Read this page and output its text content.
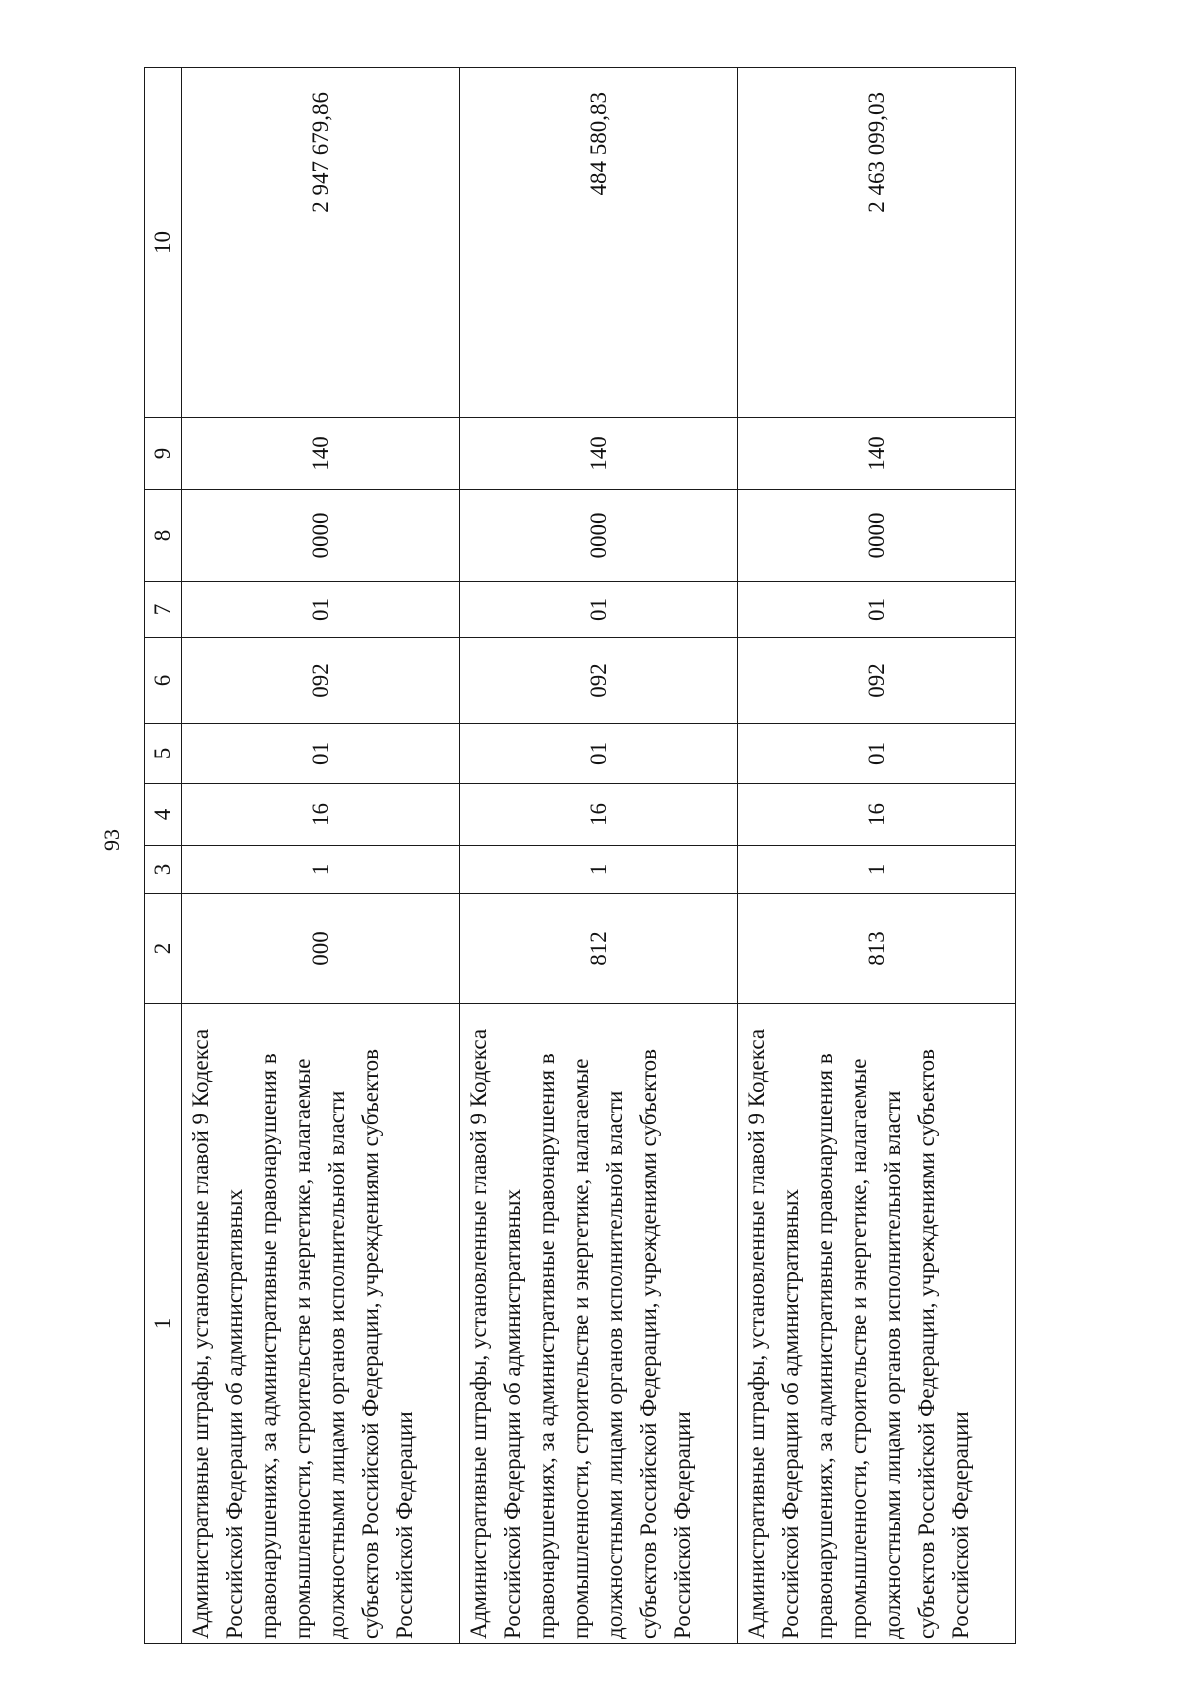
93
1	2	3	4	5	6	7	8	9	10
Административные штрафы, установленные главой 9 Кодекса Российской Федерации об административных правонарушениях, за административные правонарушения в промышленности, строительстве и энергетике, налагаемые должностными лицами органов исполнительной власти субъектов Российской Федерации, учреждениями субъектов Российской Федерации	000	1	16	01	092	01	0000	140	2 947 679,86
Административные штрафы, установленные главой 9 Кодекса Российской Федерации об административных правонарушениях, за административные правонарушения в промышленности, строительстве и энергетике, налагаемые должностными лицами органов исполнительной власти субъектов Российской Федерации, учреждениями субъектов Российской Федерации	812	1	16	01	092	01	0000	140	484 580,83
Административные штрафы, установленные главой 9 Кодекса Российской Федерации об административных правонарушениях, за административные правонарушения в промышленности, строительстве и энергетике, налагаемые должностными лицами органов исполнительной власти субъектов Российской Федерации, учреждениями субъектов Российской Федерации	813	1	16	01	092	01	0000	140	2 463 099,03
